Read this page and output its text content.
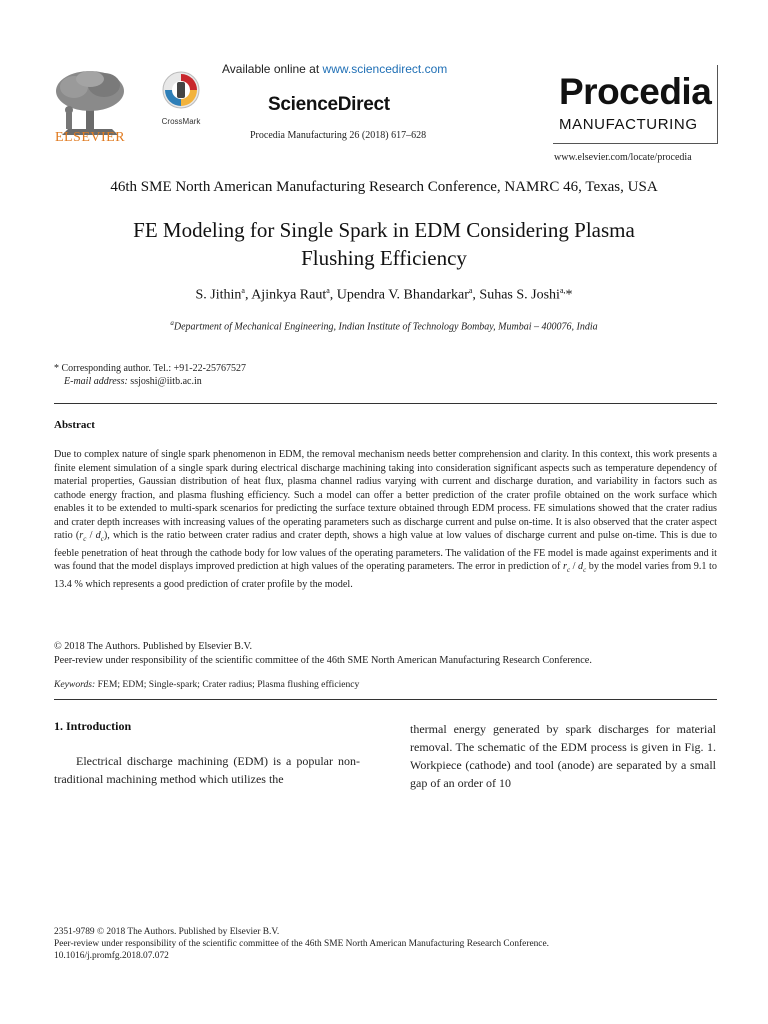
ELSEVIER
CrossMark
Available online at www.sciencedirect.com
ScienceDirect
Procedia Manufacturing 26 (2018) 617–628
Procedia
MANUFACTURING
www.elsevier.com/locate/procedia
46th SME North American Manufacturing Research Conference, NAMRC 46, Texas, USA
FE Modeling for Single Spark in EDM Considering Plasma
Flushing Efficiency
S. Jithin$^a$, Ajinkya Raut$^a$, Upendra V. Bhandarkar$^a$, Suhas S. Joshi$^{a,}$*
$^a$Department of Mechanical Engineering, Indian Institute of Technology Bombay, Mumbai – 400076, India
* Corresponding author. Tel.: +91-22-25767527
E-mail address: ssjoshi@iitb.ac.in
Abstract
Due to complex nature of single spark phenomenon in EDM, the removal mechanism needs better comprehension and clarity. In this context, this work presents a finite element simulation of a single spark during electrical discharge machining taking into consideration significant aspects such as temperature dependency of material properties, Gaussian distribution of heat flux, plasma channel radius varying with current and discharge duration, and variability in factors such as cathode energy fraction, and plasma flushing efficiency. Such a model can offer a better prediction of the crater profile obtained on the work surface which enables it to be extended to multi-spark scenarios for predicting the surface texture obtained through EDM process. FE simulations showed that the crater radius and crater depth increases with increasing values of the operating parameters such as discharge current and pulse on-time. It is also observed that the crater aspect ratio $(r_c / d_c)$, which is the ratio between crater radius and crater depth, shows a high value at low values of discharge current and pulse on-time. This is due to feeble penetration of heat through the cathode body for low values of the operating parameters. The validation of the FE model is made against experiments and it was found that the model displays improved prediction at high values of the operating parameters. The error in prediction of $r_c / d_c$ by the model varies from 9.1 to 13.4 % which represents a good prediction of crater profile by the model.
© 2018 The Authors. Published by Elsevier B.V.
Peer-review under responsibility of the scientific committee of the 46th SME North American Manufacturing Research Conference.
Keywords: FEM; EDM; Single-spark; Crater radius; Plasma flushing efficiency
1. Introduction
Electrical discharge machining (EDM) is a popular non-traditional machining method which utilizes the
thermal energy generated by spark discharges for material removal. The schematic of the EDM process is given in Fig. 1. Workpiece (cathode) and tool (anode) are separated by a small gap of an order of 10
2351-9789 © 2018 The Authors. Published by Elsevier B.V.
Peer-review under responsibility of the scientific committee of the 46th SME North American Manufacturing Research Conference.
10.1016/j.promfg.2018.07.072
